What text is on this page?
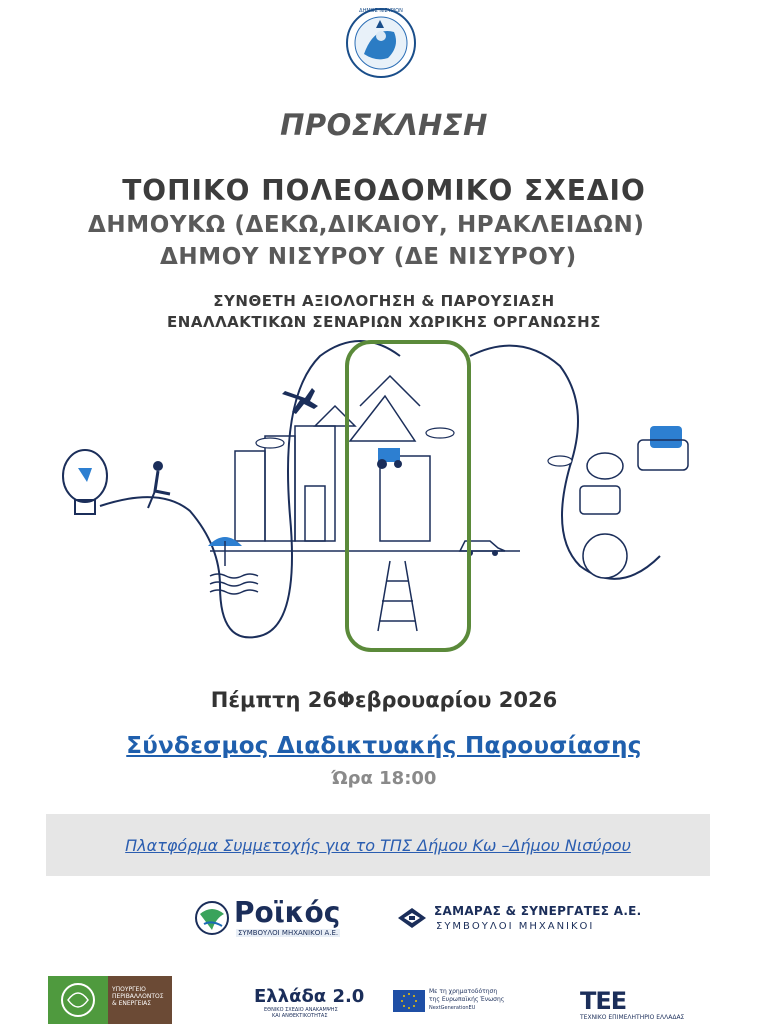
ΔΗΜΟΣ ΝΙΣΥΡΙΩΝ
ΠΡΟΣΚΛΗΣΗ
ΤΟΠΙΚΟ ΠΟΛΕΟΔΟΜΙΚΟ ΣΧΕΔΙΟ
ΔΗΜΟΥΚΩ (ΔΕΚΩ,ΔΙΚΑΙΟΥ, ΗΡΑΚΛΕΙΔΩΝ)
ΔΗΜΟΥ ΝΙΣΥΡΟΥ (ΔΕ ΝΙΣΥΡΟΥ)
ΣΥΝΘΕΤΗ ΑΞΙΟΛΟΓΗΣΗ & ΠΑΡΟΥΣΙΑΣΗ
ΕΝΑΛΛΑΚΤΙΚΩΝ ΣΕΝΑΡΙΩΝ ΧΩΡΙΚΗΣ ΟΡΓΑΝΩΣΗΣ
Πέμπτη 26Φεβρουαρίου 2026
Σύνδεσμος Διαδικτυακής Παρουσίασης
Ώρα 18:00
Πλατφόρμα Συμμετοχής για το ΤΠΣ Δήμου Κω –Δήμου Νισύρου
Ροϊκός
ΣΥΜΒΟΥΛΟΙ ΜΗΧΑΝΙΚΟΙ Α.Ε.
ΣΑΜΑΡΑΣ & ΣΥΝΕΡΓΑΤΕΣ Α.Ε.
ΣΥΜΒΟΥΛΟΙ ΜΗΧΑΝΙΚΟΙ
ΥΠΟΥΡΓΕΙΟ
ΠΕΡΙΒΑΛΛΟΝΤΟΣ
& ΕΝΕΡΓΕΙΑΣ	Ελλάδα 2.0
ΕΘΝΙΚΟ ΣΧΕΔΙΟ ΑΝΑΚΑΜΨΗΣ
ΚΑΙ ΑΝΘΕΚΤΙΚΟΤΗΤΑΣ
Με τη χρηματοδότηση
της Ευρωπαϊκής Ένωσης
NextGenerationEU	ТЕЕ
ΤΕΧΝΙΚΟ ΕΠΙΜΕΛΗΤΗΡΙΟ ΕΛΛΑΔΑΣ
